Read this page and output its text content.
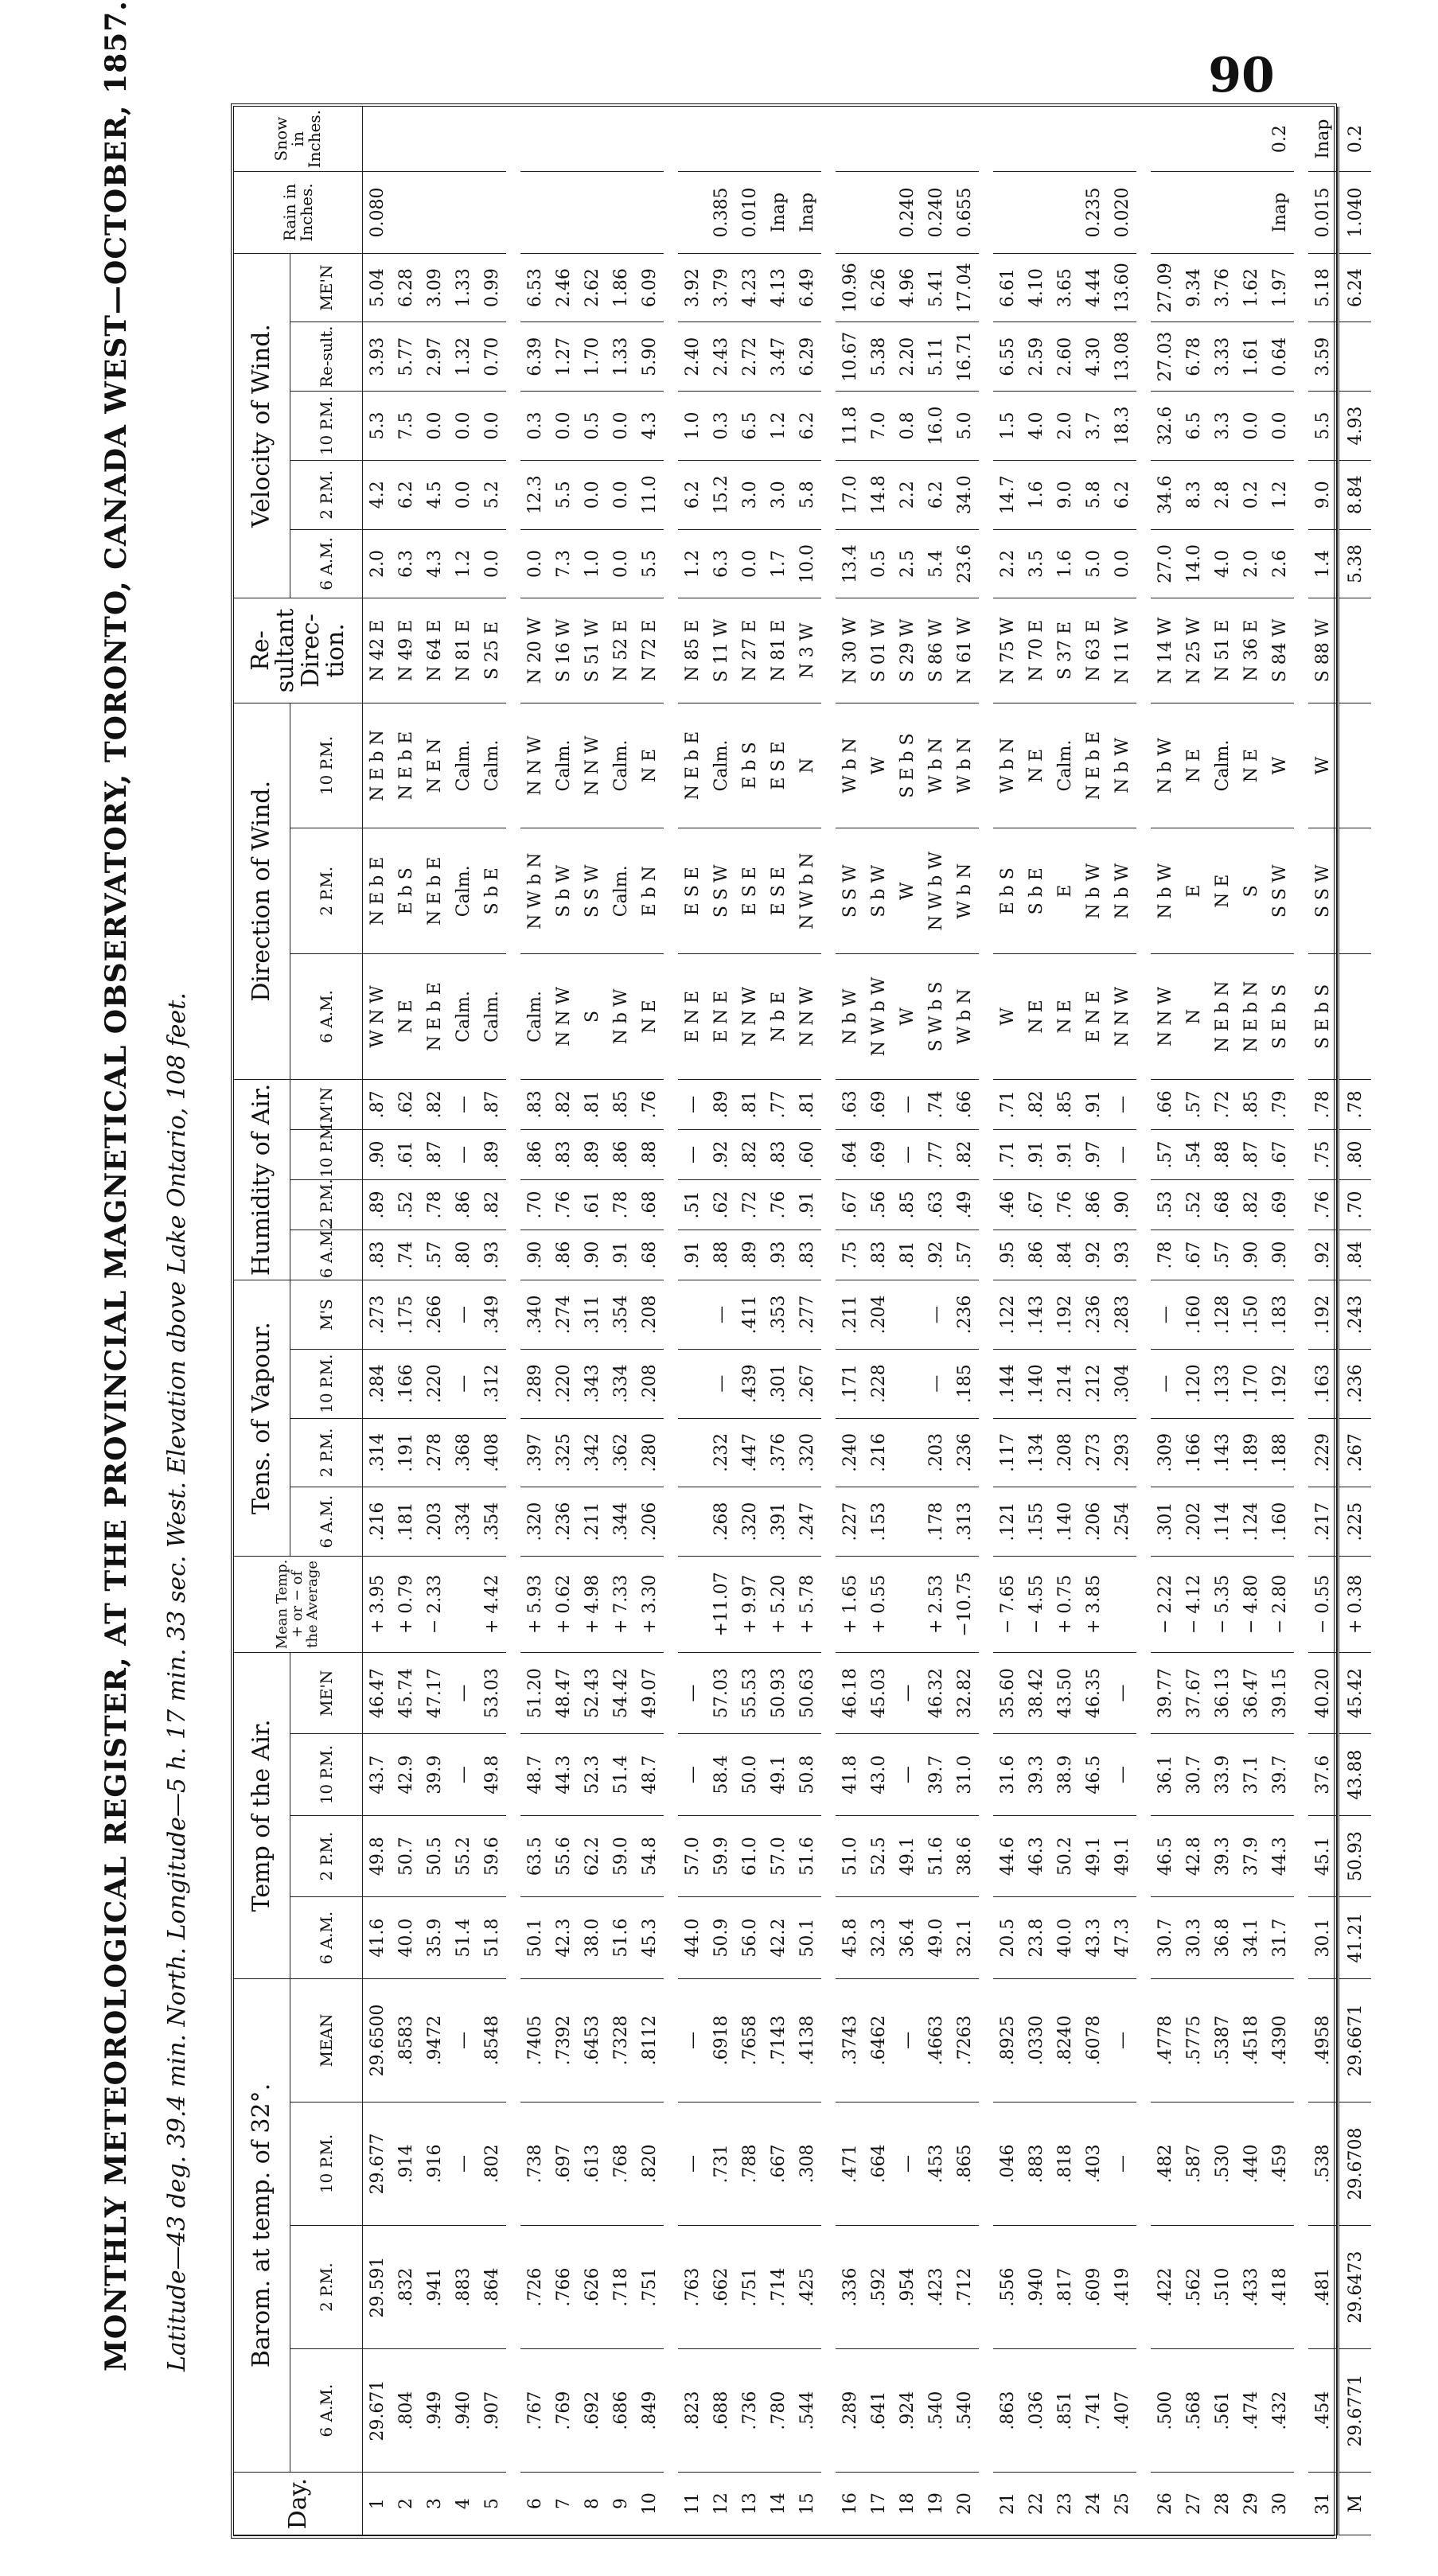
90
MONTHLY METEOROLOGICAL REGISTER, AT THE PROVINCIAL MAGNETICAL OBSERVATORY, TORONTO, CANADA WEST—OCTOBER, 1857. Latitude—43 deg. 39.4 min. North. Longitude—5 h. 17 min. 33 sec. West. Elevation above Lake Ontario, 108 feet.
Day.	Barom. at temp. of 32°.				Temp of the Air.				Mean Temp. + or − of the Average	Tens. of Vapour.				Humidity of Air.				Direction of Wind.			Re-sultant Direc-tion.	Velocity of Wind.					Rain in Inches.	Snow in Inches.
	6 A.M.	2 P.M.	10 P.M.	MEAN	6 A.M.	2 P.M.	10 P.M.	ME'N		6 A.M.	2 P.M.	10 P.M.	M'S	6 A.M.	2 P.M.	10 P.M.	M'N	6 A.M.	2 P.M.	10 P.M.		6 A.M.	2 P.M.	10 P.M.	Re-sult.	ME'N		
1	29.671	29.591	29.677	29.6500	41.6	49.8	43.7	46.47	+ 3.95	.216	.314	.284	.273	.83	.89	.90	.87	W N W	N E b E	N E b N	N 42 E	2.0	4.2	5.3	3.93	5.04	0.080	
2	.804	.832	.914	.8583	40.0	50.7	42.9	45.74	+ 0.79	.181	.191	.166	.175	.74	.52	.61	.62	N E	E b S	N E b E	N 49 E	6.3	6.2	7.5	5.77	6.28		
3	.949	.941	.916	.9472	35.9	50.5	39.9	47.17	− 2.33	.203	.278	.220	.266	.57	.78	.87	.82	N E b E	N E b E	N E N	N 64 E	4.3	4.5	0.0	2.97	3.09		
4	.940	.883	—	—	51.4	55.2	—	—		.334	.368	—	—	.80	.86	—	—	Calm.	Calm.	Calm.	N 81 E	1.2	0.0	0.0	1.32	1.33		
5	.907	.864	.802	.8548	51.8	59.6	49.8	53.03	+ 4.42	.354	.408	.312	.349	.93	.82	.89	.87	Calm.	S b E	Calm.	S 25 E	0.0	5.2	0.0	0.70	0.99		

6	.767	.726	.738	.7405	50.1	63.5	48.7	51.20	+ 5.93	.320	.397	.289	.340	.90	.70	.86	.83	Calm.	N W b N	N N W	N 20 W	0.0	12.3	0.3	6.39	6.53		
7	.769	.766	.697	.7392	42.3	55.6	44.3	48.47	+ 0.62	.236	.325	.220	.274	.86	.76	.83	.82	N N W	S b W	Calm.	S 16 W	7.3	5.5	0.0	1.27	2.46		
8	.692	.626	.613	.6453	38.0	62.2	52.3	52.43	+ 4.98	.211	.342	.343	.311	.90	.61	.89	.81	S	S S W	N N W	S 51 W	1.0	0.0	0.5	1.70	2.62		
9	.686	.718	.768	.7328	51.6	59.0	51.4	54.42	+ 7.33	.344	.362	.334	.354	.91	.78	.86	.85	N b W	Calm.	Calm.	N 52 E	0.0	0.0	0.0	1.33	1.86		
10	.849	.751	.820	.8112	45.3	54.8	48.7	49.07	+ 3.30	.206	.280	.208	.208	.68	.68	.88	.76	N E	E b N	N E	N 72 E	5.5	11.0	4.3	5.90	6.09		

11	.823	.763	—	—	44.0	57.0	—	—						.91	.51	—	—	E N E	E S E	N E b E	N 85 E	1.2	6.2	1.0	2.40	3.92		
12	.688	.662	.731	.6918	50.9	59.9	58.4	57.03	+11.07	.268	.232	—	—	.88	.62	.92	.89	E N E	S S W	Calm.	S 11 W	6.3	15.2	0.3	2.43	3.79	0.385	
13	.736	.751	.788	.7658	56.0	61.0	50.0	55.53	+ 9.97	.320	.447	.439	.411	.89	.72	.82	.81	N N W	E S E	E b S	N 27 E	0.0	3.0	6.5	2.72	4.23	0.010	
14	.780	.714	.667	.7143	42.2	57.0	49.1	50.93	+ 5.20	.391	.376	.301	.353	.93	.76	.83	.77	N b E	E S E	E S E	N 81 E	1.7	3.0	1.2	3.47	4.13	Inap	
15	.544	.425	.308	.4138	50.1	51.6	50.8	50.63	+ 5.78	.247	.320	.267	.277	.83	.91	.60	.81	N N W	N W b N	N	N 3 W	10.0	5.8	6.2	6.29	6.49	Inap	

16	.289	.336	.471	.3743	45.8	51.0	41.8	46.18	+ 1.65	.227	.240	.171	.211	.75	.67	.64	.63	N b W	S S W	W b N	N 30 W	13.4	17.0	11.8	10.67	10.96		
17	.641	.592	.664	.6462	32.3	52.5	43.0	45.03	+ 0.55	.153	.216	.228	.204	.83	.56	.69	.69	N W b W	S b W	W	S 01 W	0.5	14.8	7.0	5.38	6.26		
18	.924	.954	—	—	36.4	49.1	—	—						.81	.85	—	—	W	W	S E b S	S 29 W	2.5	2.2	0.8	2.20	4.96	0.240	
19	.540	.423	.453	.4663	49.0	51.6	39.7	46.32	+ 2.53	.178	.203	—	—	.92	.63	.77	.74	S W b S	N W b W	W b N	S 86 W	5.4	6.2	16.0	5.11	5.41	0.240	
20	.540	.712	.865	.7263	32.1	38.6	31.0	32.82	−10.75	.313	.236	.185	.236	.57	.49	.82	.66	W b N	W b N	W b N	N 61 W	23.6	34.0	5.0	16.71	17.04	0.655	

21	.863	.556	.046	.8925	20.5	44.6	31.6	35.60	− 7.65	.121	.117	.144	.122	.95	.46	.71	.71	W	E b S	W b N	N 75 W	2.2	14.7	1.5	6.55	6.61		
22	.036	.940	.883	.0330	23.8	46.3	39.3	38.42	− 4.55	.155	.134	.140	.143	.86	.67	.91	.82	N E	S b E	N E	N 70 E	3.5	1.6	4.0	2.59	4.10		
23	.851	.817	.818	.8240	40.0	50.2	38.9	43.50	+ 0.75	.140	.208	.214	.192	.84	.76	.91	.85	N E	E	Calm.	S 37 E	1.6	9.0	2.0	2.60	3.65		
24	.741	.609	.403	.6078	43.3	49.1	46.5	46.35	+ 3.85	.206	.273	.212	.236	.92	.86	.97	.91	E N E	N b W	N E b E	N 63 E	5.0	5.8	3.7	4.30	4.44	0.235	
25	.407	.419	—	—	47.3	49.1	—	—		.254	.293	.304	.283	.93	.90	—	—	N N W	N b W	N b W	N 11 W	0.0	6.2	18.3	13.08	13.60	0.020	

26	.500	.422	.482	.4778	30.7	46.5	36.1	39.77	− 2.22	.301	.309	—	—	.78	.53	.57	.66	N N W	N b W	N b W	N 14 W	27.0	34.6	32.6	27.03	27.09		
27	.568	.562	.587	.5775	30.3	42.8	30.7	37.67	− 4.12	.202	.166	.120	.160	.67	.52	.54	.57	N	E	N E	N 25 W	14.0	8.3	6.5	6.78	9.34		
28	.561	.510	.530	.5387	36.8	39.3	33.9	36.13	− 5.35	.114	.143	.133	.128	.57	.68	.88	.72	N E b N	N E	Calm.	N 51 E	4.0	2.8	3.3	3.33	3.76		
29	.474	.433	.440	.4518	34.1	37.9	37.1	36.47	− 4.80	.124	.189	.170	.150	.90	.82	.87	.85	N E b N	S	N E	N 36 E	2.0	0.2	0.0	1.61	1.62		
30	.432	.418	.459	.4390	31.7	44.3	39.7	39.15	− 2.80	.160	.188	.192	.183	.90	.69	.67	.79	S E b S	S S W	W	S 84 W	2.6	1.2	0.0	0.64	1.97	Inap	0.2

31	.454	.481	.538	.4958	30.1	45.1	37.6	40.20	− 0.55	.217	.229	.163	.192	.92	.76	.75	.78	S E b S	S S W	W	S 88 W	1.4	9.0	5.5	3.59	5.18	0.015	Inap
M	29.6771	29.6473	29.6708	29.6671	41.21	50.93	43.88	45.42	+ 0.38	.225	.267	.236	.243	.84	.70	.80	.78					5.38	8.84	4.93		6.24	1.040	0.2
